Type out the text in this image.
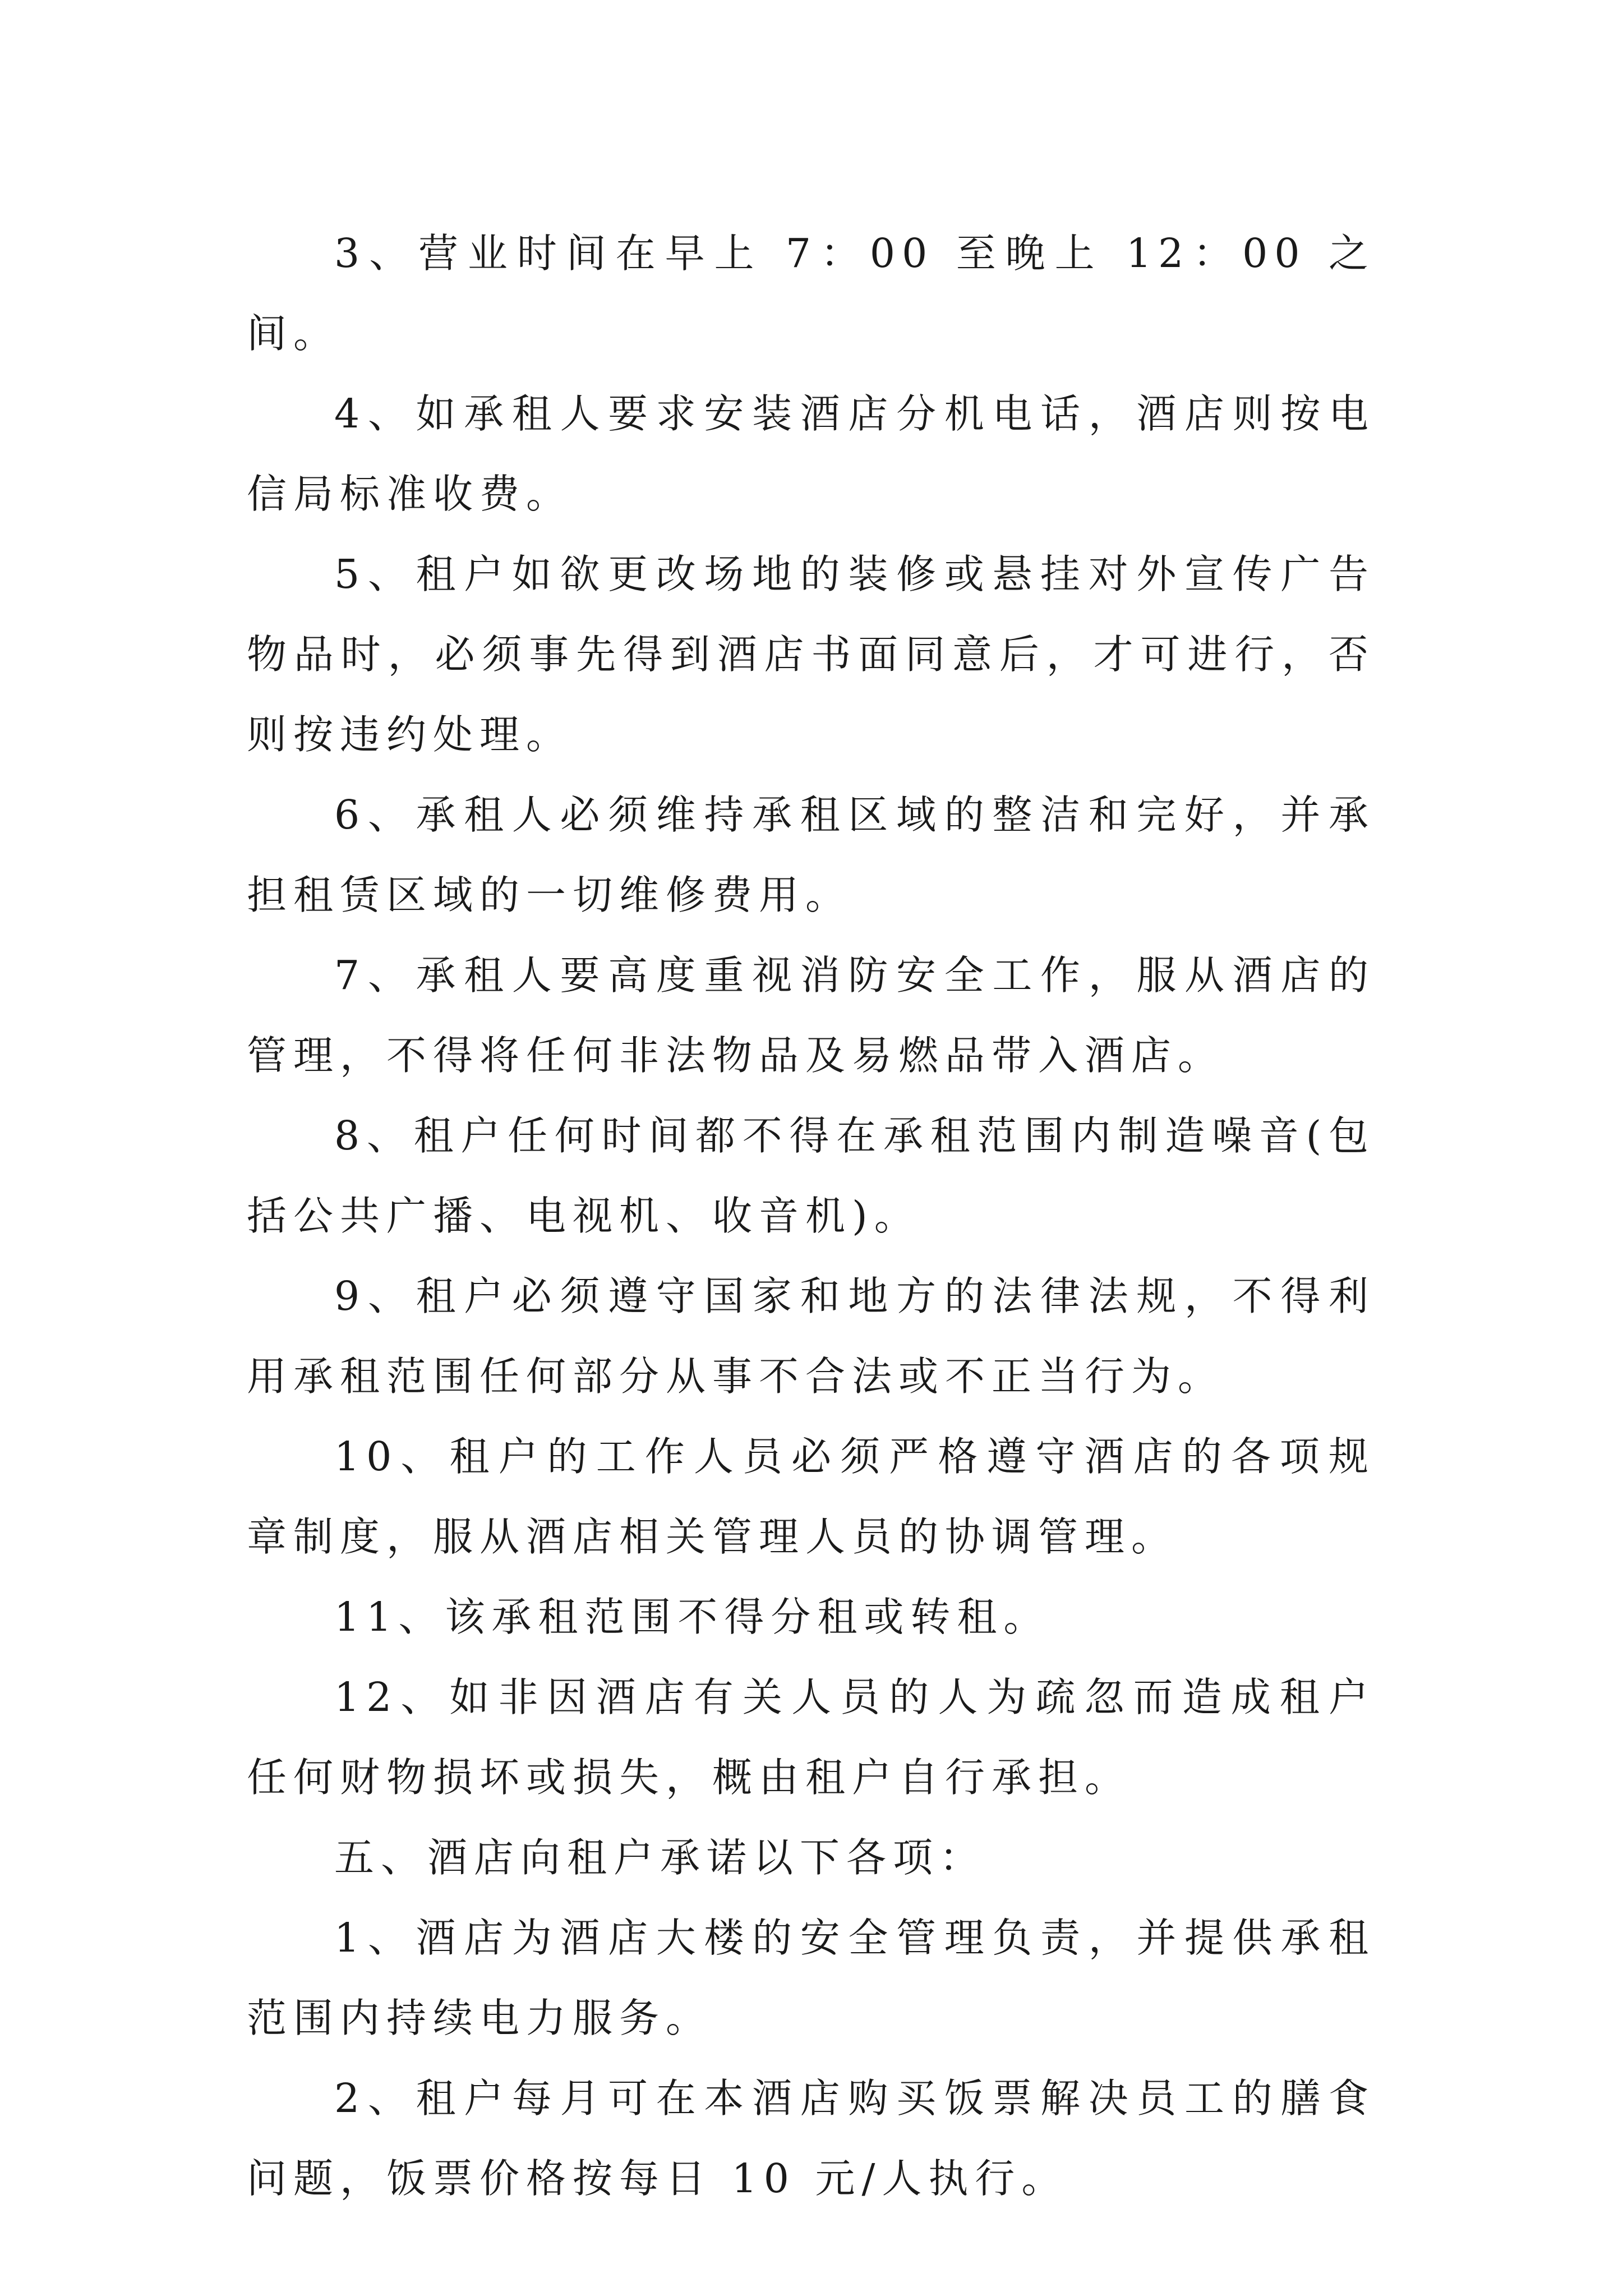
3、营业时间在早上 7：00 至晚上 12：00 之间。

4、如承租人要求安装酒店分机电话，酒店则按电信局标准收费。

5、租户如欲更改场地的装修或悬挂对外宣传广告物品时，必须事先得到酒店书面同意后，才可进行，否则按违约处理。

6、承租人必须维持承租区域的整洁和完好，并承担租赁区域的一切维修费用。

7、承租人要高度重视消防安全工作，服从酒店的管理，不得将任何非法物品及易燃品带入酒店。

8、租户任何时间都不得在承租范围内制造噪音(包括公共广播、电视机、收音机)。

9、租户必须遵守国家和地方的法律法规，不得利用承租范围任何部分从事不合法或不正当行为。

10、租户的工作人员必须严格遵守酒店的各项规章制度，服从酒店相关管理人员的协调管理。

11、该承租范围不得分租或转租。

12、如非因酒店有关人员的人为疏忽而造成租户任何财物损坏或损失，概由租户自行承担。

五、酒店向租户承诺以下各项：

1、酒店为酒店大楼的安全管理负责，并提供承租范围内持续电力服务。

2、租户每月可在本酒店购买饭票解决员工的膳食问题，饭票价格按每日 10 元/人执行。
